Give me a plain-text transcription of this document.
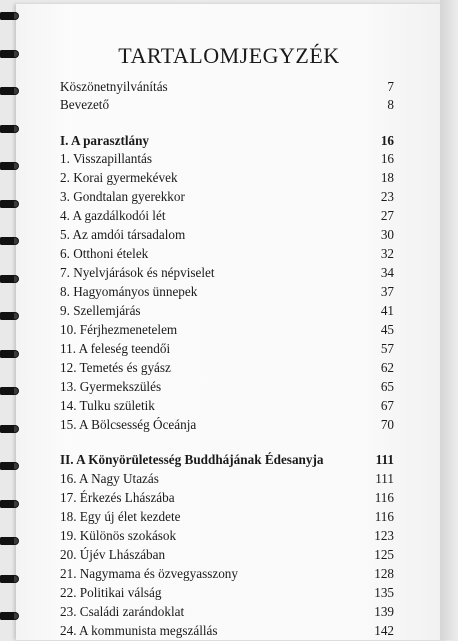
TARTALOMJEGYZÉK
Köszönetnyilvánítás	7
Bevezető	8
I. A parasztlány	16
1. Visszapillantás	16
2. Korai gyermekévek	18
3. Gondtalan gyerekkor	23
4. A gazdálkodói lét	27
5. Az amdói társadalom	30
6. Otthoni ételek	32
7. Nyelvjárások és népviselet	34
8. Hagyományos ünnepek	37
9. Szellemjárás	41
10. Férjhezmenetelem	45
11. A feleség teendői	57
12. Temetés és gyász	62
13. Gyermekszülés	65
14. Tulku születik	67
15. A Bölcsesség Óceánja	70
II. A Könyörületesség Buddhájának Édesanyja	111
16. A Nagy Utazás	111
17. Érkezés Lhászába	116
18. Egy új élet kezdete	116
19. Különös szokások	123
20. Újév Lhászában	125
21. Nagymama és özvegyasszony	128
22. Politikai válság	135
23. Családi zarándoklat	139
24. A kommunista megszállás	142
